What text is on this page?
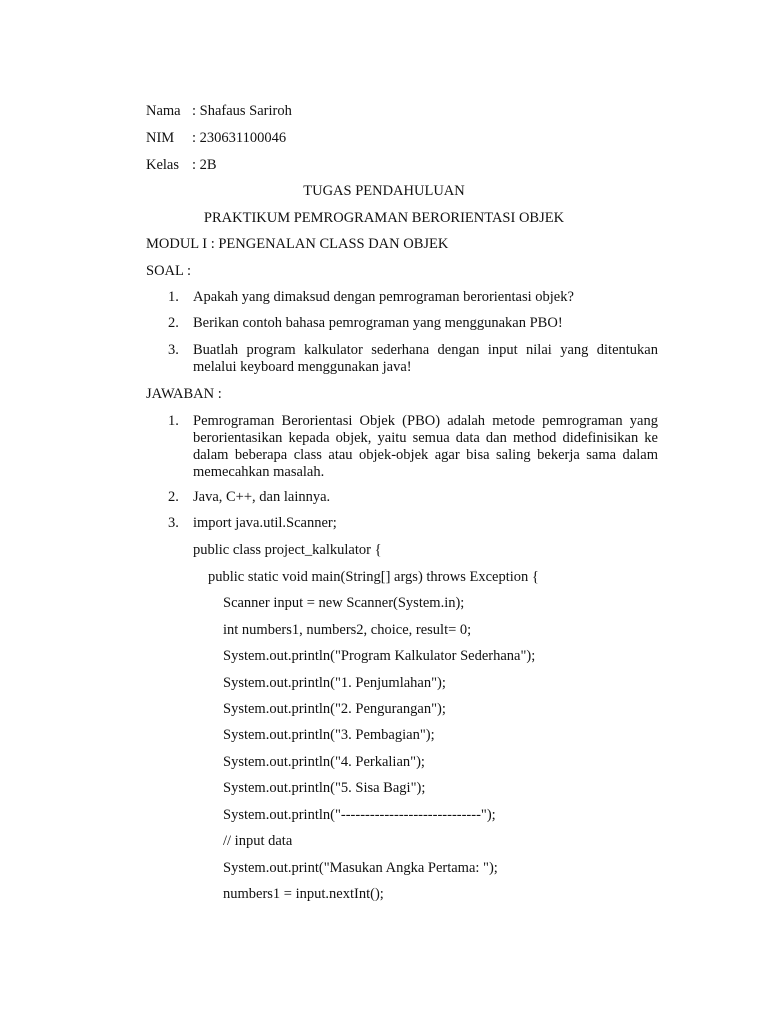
Nama : Shafaus Sariroh
NIM : 230631100046
Kelas : 2B
TUGAS PENDAHULUAN
PRAKTIKUM PEMROGRAMAN BERORIENTASI OBJEK
MODUL I : PENGENALAN CLASS DAN OBJEK
SOAL :
1. Apakah yang dimaksud dengan pemrograman berorientasi objek?
2. Berikan contoh bahasa pemrograman yang menggunakan PBO!
3. Buatlah program kalkulator sederhana dengan input nilai yang ditentukan melalui keyboard menggunakan java!
JAWABAN :
1. Pemrograman Berorientasi Objek (PBO) adalah metode pemrograman yang berorientasikan kepada objek, yaitu semua data dan method didefinisikan ke dalam beberapa class atau objek-objek agar bisa saling bekerja sama dalam memecahkan masalah.
2. Java, C++, dan lainnya.
3. import java.util.Scanner;
public class project_kalkulator {
public static void main(String[] args) throws Exception {
Scanner input = new Scanner(System.in);
int numbers1, numbers2, choice, result= 0;
System.out.println("Program Kalkulator Sederhana");
System.out.println("1. Penjumlahan");
System.out.println("2. Pengurangan");
System.out.println("3. Pembagian");
System.out.println("4. Perkalian");
System.out.println("5. Sisa Bagi");
System.out.println("-----------------------------");
// input data
System.out.print("Masukan Angka Pertama: ");
numbers1 = input.nextInt();
